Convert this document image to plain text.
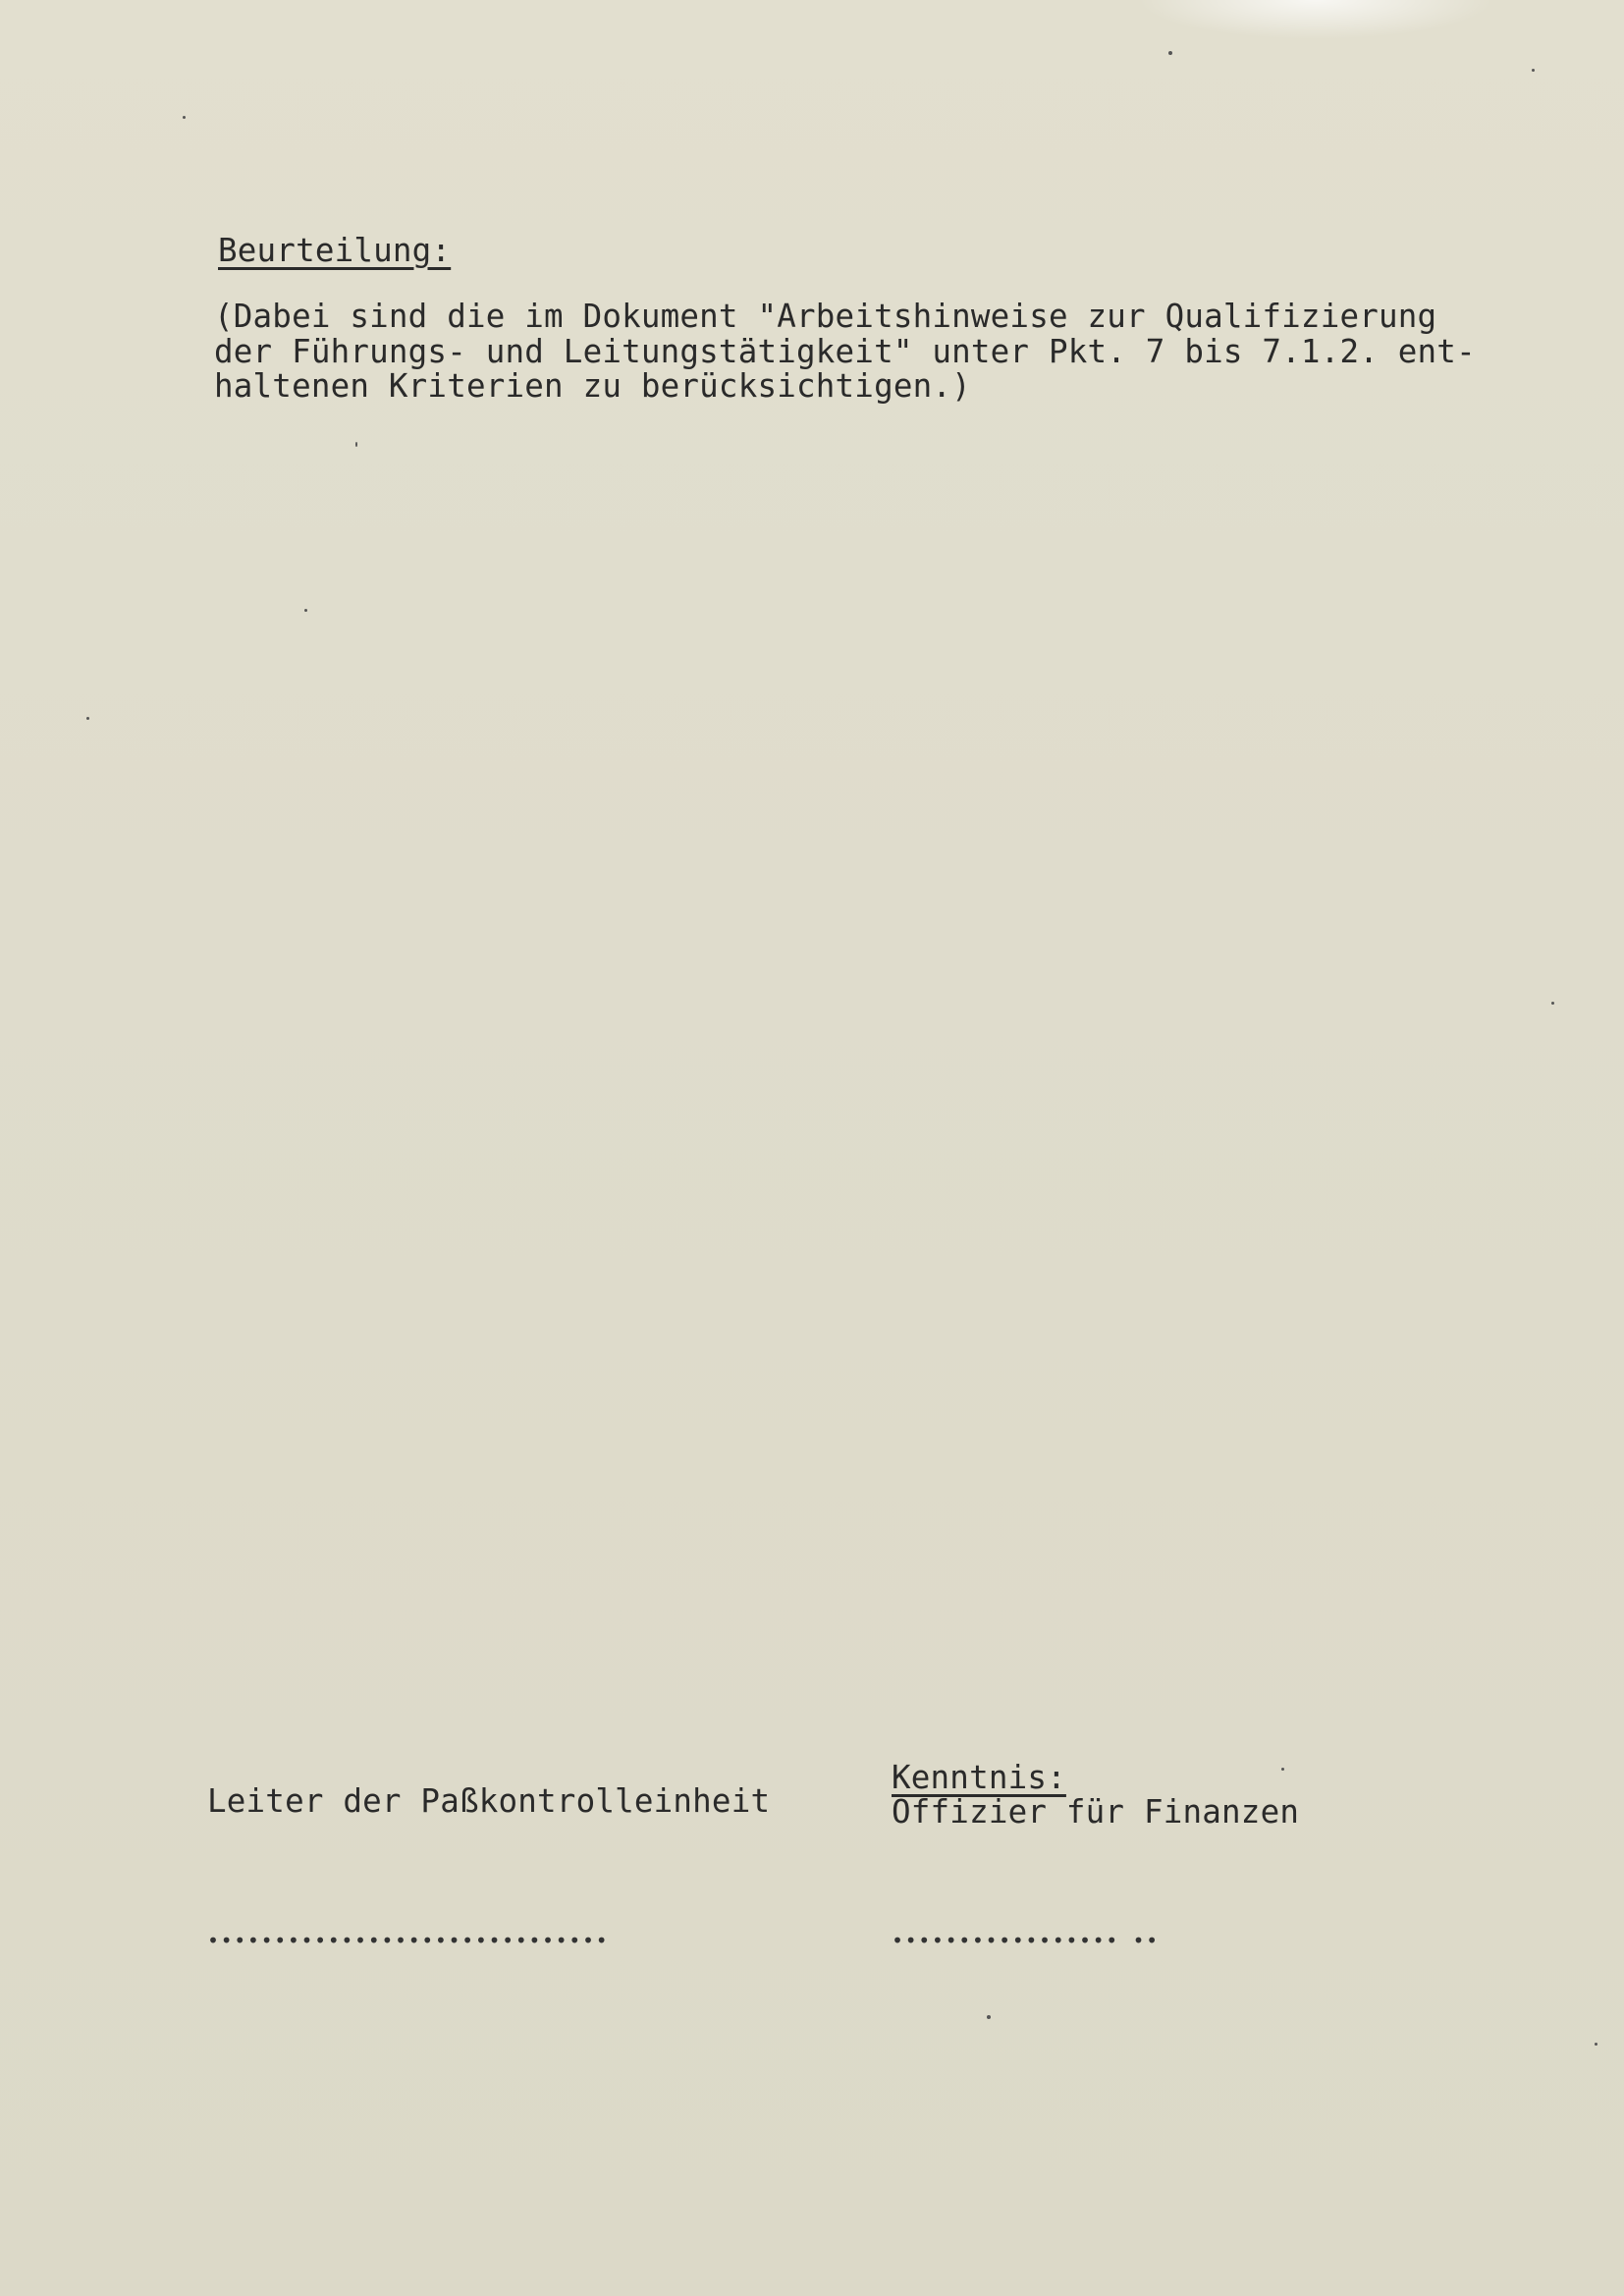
Beurteilung:
(Dabei sind die im Dokument "Arbeitshinweise zur Qualifizierung
der Führungs- und Leitungstätigkeit" unter Pkt. 7 bis 7.1.2. ent-
haltenen Kriterien zu berücksichtigen.)
Leiter der Paßkontrolleinheit
Kenntnis:
Offizier für Finanzen
••••••••••••••••••••••••••••••	••••••••••••••••• ••
